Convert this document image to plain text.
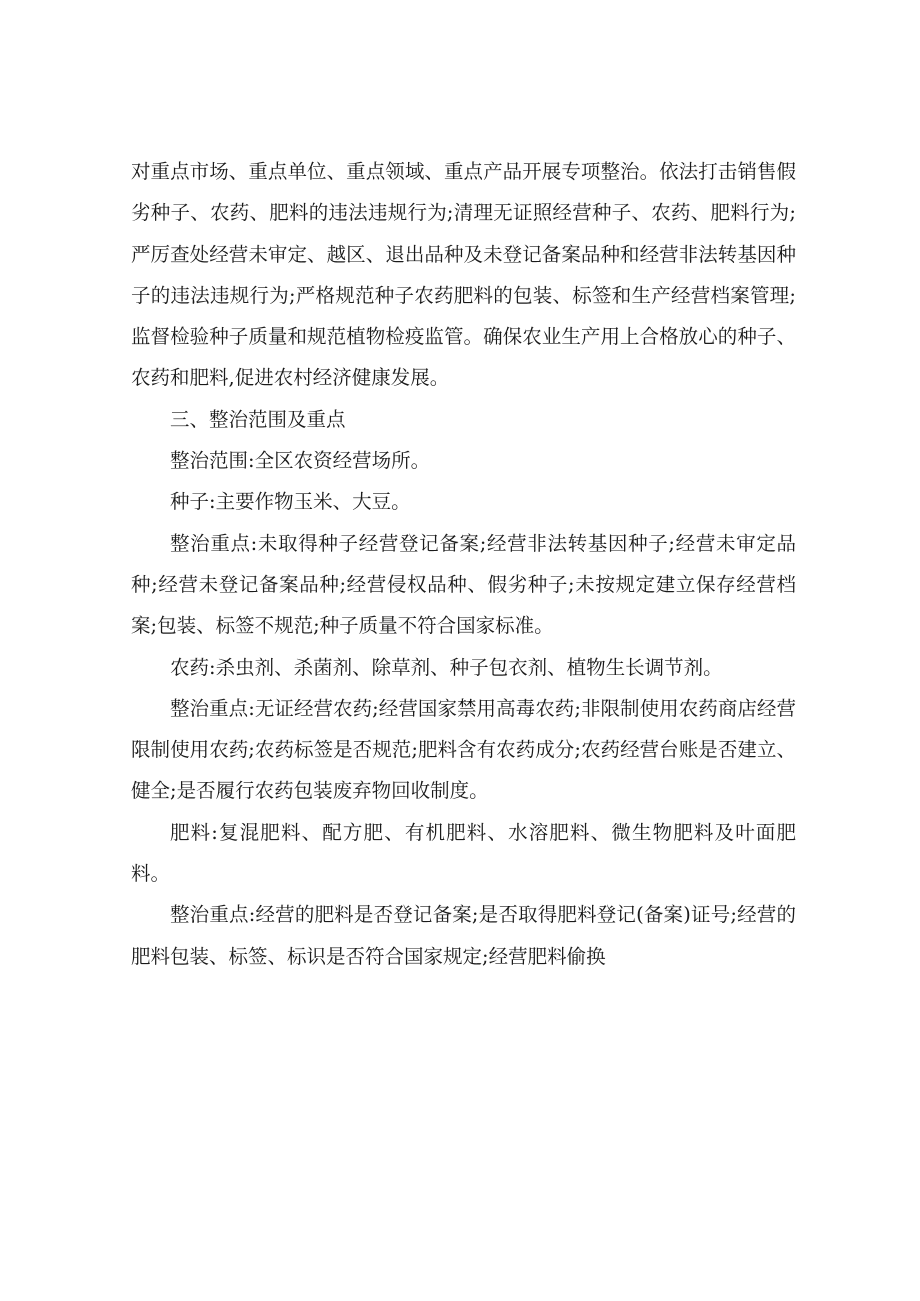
对重点市场、重点单位、重点领域、重点产品开展专项整治。依法打击销售假劣种子、农药、肥料的违法违规行为;清理无证照经营种子、农药、肥料行为;严厉查处经营未审定、越区、退出品种及未登记备案品种和经营非法转基因种子的违法违规行为;严格规范种子农药肥料的包装、标签和生产经营档案管理;监督检验种子质量和规范植物检疫监管。确保农业生产用上合格放心的种子、农药和肥料,促进农村经济健康发展。

三、整治范围及重点

整治范围:全区农资经营场所。

种子:主要作物玉米、大豆。

整治重点:未取得种子经营登记备案;经营非法转基因种子;经营未审定品种;经营未登记备案品种;经营侵权品种、假劣种子;未按规定建立保存经营档案;包装、标签不规范;种子质量不符合国家标准。

农药:杀虫剂、杀菌剂、除草剂、种子包衣剂、植物生长调节剂。

整治重点:无证经营农药;经营国家禁用高毒农药;非限制使用农药商店经营限制使用农药;农药标签是否规范;肥料含有农药成分;农药经营台账是否建立、健全;是否履行农药包装废弃物回收制度。

肥料:复混肥料、配方肥、有机肥料、水溶肥料、微生物肥料及叶面肥料。

整治重点:经营的肥料是否登记备案;是否取得肥料登记(备案)证号;经营的肥料包装、标签、标识是否符合国家规定;经营肥料偷换
